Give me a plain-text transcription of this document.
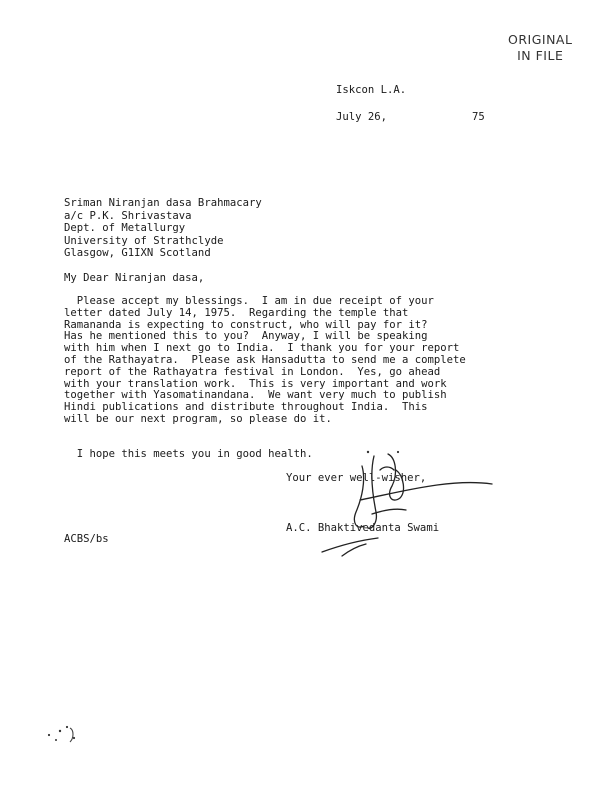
ORIGINAL
IN FILE
Iskcon L.A.
July 26,	75
Sriman Niranjan dasa Brahmacary
a/c P.K. Shrivastava
Dept. of Metallurgy
University of Strathclyde
Glasgow, G1IXN Scotland
My Dear Niranjan dasa,
Please accept my blessings.  I am in due receipt of your
letter dated July 14, 1975.  Regarding the temple that
Ramananda is expecting to construct, who will pay for it?
Has he mentioned this to you?  Anyway, I will be speaking
with him when I next go to India.  I thank you for your report
of the Rathayatra.  Please ask Hansadutta to send me a complete
report of the Rathayatra festival in London.  Yes, go ahead
with your translation work.  This is very important and work
together with Yasomatinandana.  We want very much to publish
Hindi publications and distribute throughout India.  This
will be our next program, so please do it.
I hope this meets you in good health.
Your ever well-wisher,
A.C. Bhaktivedanta Swami
ACBS/bs
